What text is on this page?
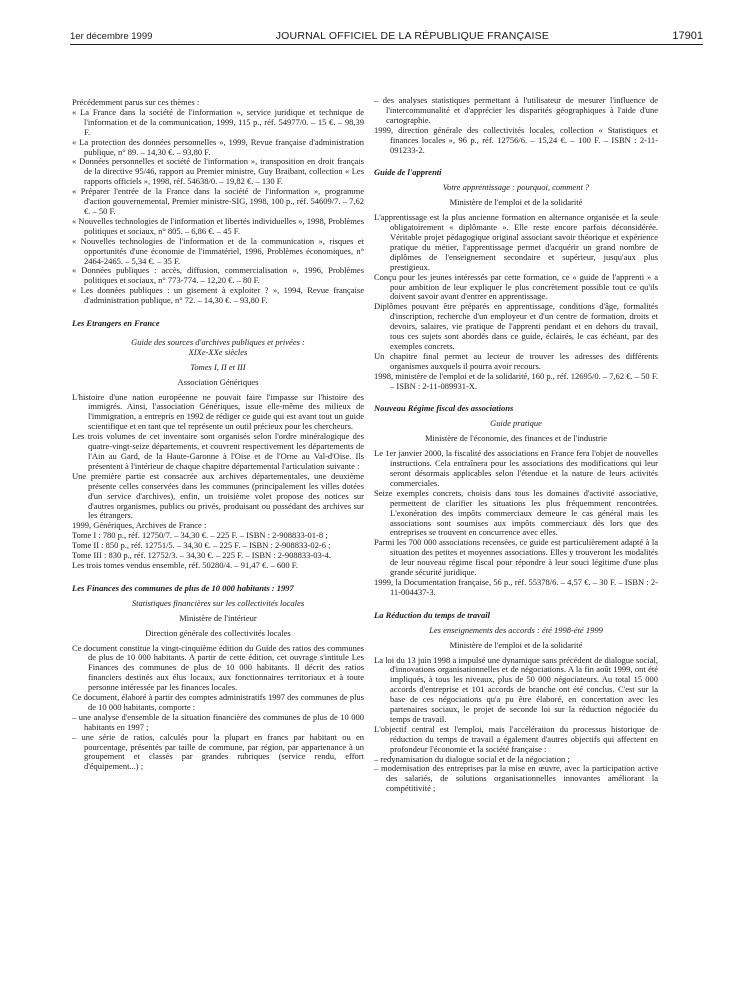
1er décembre 1999	JOURNAL OFFICIEL DE LA RÉPUBLIQUE FRANÇAISE	17901

Précédemment parus sur ces thèmes :

« La France dans la société de l'information », service juridique et technique de l'information et de la communication, 1999, 115 p., réf. 54977/0. – 15 €. – 98,39 F.

« La protection des données personnelles », 1999, Revue française d'administration publique, n° 89. – 14,30 €. – 93,80 F.

« Données personnelles et société de l'information », transposition en droit français de la directive 95/46, rapport au Premier ministre, Guy Braibant, collection « Les rapports officiels », 1998, réf. 54638/0. – 19,82 €. – 130 F.

« Préparer l'entrée de la France dans la société de l'information », programme d'action gouvernemental, Premier ministre-SIG, 1998, 100 p., réf. 54609/7. – 7,62 €. – 50 F.

« Nouvelles technologies de l'information et libertés individuelles », 1998, Problèmes politiques et sociaux, n° 805. – 6,86 €. – 45 F.

« Nouvelles technologies de l'information et de la communication », risques et opportunités d'une économie de l'immatériel, 1996, Problèmes économiques, n° 2464-2465. – 5,34 €. – 35 F.

« Données publiques : accès, diffusion, commercialisation », 1996, Problèmes politiques et sociaux, n° 773-774. – 12,20 €. – 80 F.

« Les données publiques : un gisement à exploiter ? », 1994, Revue française d'administration publique, n° 72. – 14,30 €. – 93,80 F.

Les Etrangers en France

Guide des sources d'archives publiques et privées :

XIXe-XXe siècles

Tomes I, II et III

Association Génériques

L'histoire d'une nation européenne ne pouvait faire l'impasse sur l'histoire des immigrés. Ainsi, l'association Génériques, issue elle-même des milieux de l'immigration, a entrepris en 1992 de rédiger ce guide qui est avant tout un guide scientifique et en tant que tel représente un outil précieux pour les chercheurs.

Les trois volumes de cet inventaire sont organisés selon l'ordre minéralogique des quatre-vingt-seize départements, et couvrent respectivement les départements de l'Ain au Gard, de la Haute-Garonne à l'Oise et de l'Orne au Val-d'Oise. Ils présentent à l'intérieur de chaque chapitre départemental l'articulation suivante :

Une première partie est consacrée aux archives départementales, une deuxième présente celles conservées dans les communes (principalement les villes dotées d'un service d'archives), enfin, un troisième volet propose des notices sur d'autres organismes, publics ou privés, produisant ou possédant des archives sur les étrangers.

1999, Génériques, Archives de France :

Tome I : 780 p., réf. 12750/7. – 34,30 €. – 225 F. – ISBN : 2-908833-01-8 ;

Tome II : 850 p., réf. 12751/5. – 34,30 €. – 225 F. – ISBN : 2-908833-02-6 ;

Tome III : 830 p., réf. 12752/3. – 34,30 €. – 225 F. – ISBN : 2-908833-03-4.

Les trois tomes vendus ensemble, réf. 50280/4. – 91,47 €. – 600 F.

Les Finances des communes de plus de 10 000 habitants : 1997

Statistiques financières sur les collectivités locales

Ministère de l'intérieur

Direction générale des collectivités locales

Ce document constitue la vingt-cinquième édition du Guide des ratios des communes de plus de 10 000 habitants. A partir de cette édition, cet ouvrage s'intitule Les Finances des communes de plus de 10 000 habitants. Il décrit des ratios financiers destinés aux élus locaux, aux fonctionnaires territoriaux et à toute personne intéressée par les finances locales.

Ce document, élaboré à partir des comptes administratifs 1997 des communes de plus de 10 000 habitants, comporte :

– une analyse d'ensemble de la situation financière des communes de plus de 10 000 habitants en 1997 ;

– une série de ratios, calculés pour la plupart en francs par habitant ou en pourcentage, présentés par taille de commune, par région, par appartenance à un groupement et classés par grandes rubriques (service rendu, effort d'équipement...) ;

– des analyses statistiques permettant à l'utilisateur de mesurer l'influence de l'intercommunalité et d'apprécier les disparités géographiques à l'aide d'une cartographie.

1999, direction générale des collectivités locales, collection « Statistiques et finances locales », 96 p., réf. 12756/6. – 15,24 €. – 100 F. – ISBN : 2-11-091233-2.

Guide de l'apprenti

Votre apprentissage : pourquoi, comment ?

Ministère de l'emploi et de la solidarité

L'apprentissage est la plus ancienne formation en alternance organisée et la seule obligatoirement « diplômante ». Elle reste encore parfois déconsidérée. Véritable projet pédagogique original associant savoir théorique et expérience pratique du métier, l'apprentissage permet d'acquérir un grand nombre de diplômes de l'enseignement secondaire et supérieur, jusqu'aux plus prestigieux.

Conçu pour les jeunes intéressés par cette formation, ce « guide de l'apprenti » a pour ambition de leur expliquer le plus concrètement possible tout ce qu'ils doivent savoir avant d'entrer en apprentissage.

Diplômes pouvant être préparés en apprentissage, conditions d'âge, formalités d'inscription, recherche d'un employeur et d'un centre de formation, droits et devoirs, salaires, vie pratique de l'apprenti pendant et en dehors du travail, tous ces sujets sont abordés dans ce guide, éclairés, le cas échéant, par des exemples concrets.

Un chapitre final permet au lecteur de trouver les adresses des différents organismes auxquels il pourra avoir recours.

1998, ministère de l'emploi et de la solidarité, 160 p., réf. 12695/0. – 7,62 €. – 50 F. – ISBN : 2-11-089931-X.

Nouveau Régime fiscal des associations

Guide pratique

Ministère de l'économie, des finances et de l'industrie

Le 1er janvier 2000, la fiscalité des associations en France fera l'objet de nouvelles instructions. Cela entraînera pour les associations des modifications qui leur seront désormais applicables selon l'étendue et la nature de leurs activités commerciales.

Seize exemples concrets, choisis dans tous les domaines d'activité associative, permettent de clarifier les situations les plus fréquemment rencontrées. L'exonération des impôts commerciaux demeure le cas général mais les associations sont soumises aux impôts commerciaux dès lors que des entreprises se trouvent en concurrence avec elles.

Parmi les 700 000 associations recensées, ce guide est particulièrement adapté à la situation des petites et moyennes associations. Elles y trouveront les modalités de leur nouveau régime fiscal pour répondre à leur souci légitime d'une plus grande sécurité juridique.

1999, la Documentation française, 56 p., réf. 55378/6. – 4,57 €. – 30 F. – ISBN : 2-11-004437-3.

La Réduction du temps de travail

Les enseignements des accords : été 1998-été 1999

Ministère de l'emploi et de la solidarité

La loi du 13 juin 1998 a impulsé une dynamique sans précédent de dialogue social, d'innovations organisationnelles et de négociations. A la fin août 1999, ont été impliqués, à tous les niveaux, plus de 50 000 négociateurs. Au total 15 000 accords d'entreprise et 101 accords de branche ont été conclus. C'est sur la base de ces négociations qu'a pu être élaboré, en concertation avec les partenaires sociaux, le projet de seconde loi sur la réduction négociée du temps de travail.

L'objectif central est l'emploi, mais l'accélération du processus historique de réduction du temps de travail a également d'autres objectifs qui affectent en profondeur l'économie et la société française :

– redynamisation du dialogue social et de la négociation ;

– modernisation des entreprises par la mise en œuvre, avec la participation active des salariés, de solutions organisationnelles innovantes améliorant la compétitivité ;
